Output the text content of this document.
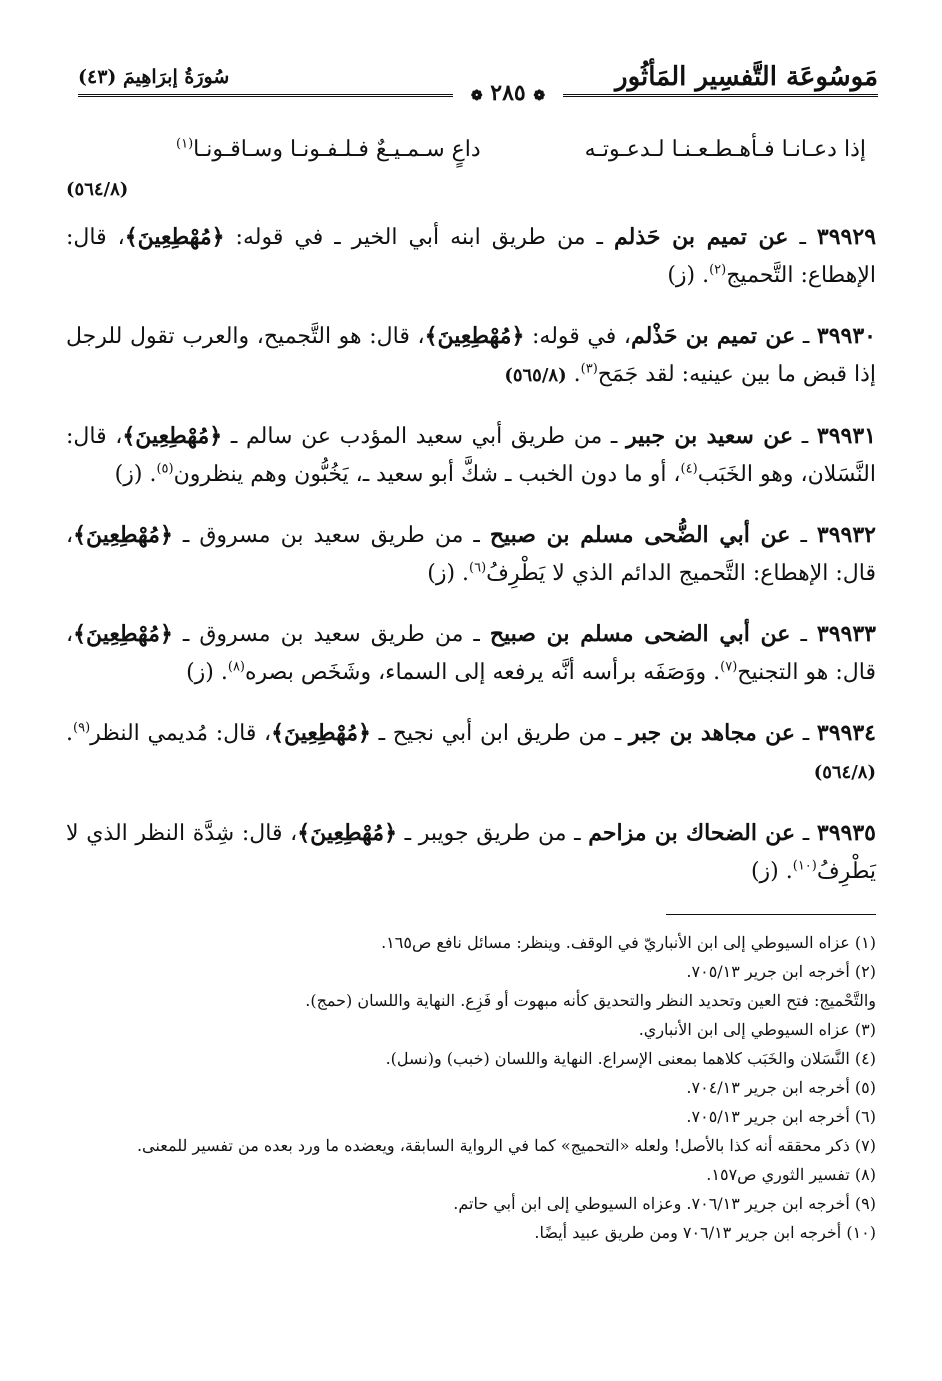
مَوسُوعَة التَّفسِير المَأثُور
❁ ٢٨٥ ❁
سُورَةُ إبرَاهِيمَ (٤٣)
إذا دعـانـا فـأهـطـعـنـا لـدعـوتـه
داعٍ سـمـيـعٌ فـلـفـونـا وسـاقـونـا$^{(١)}$
(٥٦٤/٨)

٣٩٩٢٩ ـ عن تميم بن حَذلم ـ من طريق ابنه أبي الخير ـ في قوله: ﴿مُهْطِعِينَ﴾، قال: الإهطاع: التَّحميج$^{(٢)}$. (ز)

٣٩٩٣٠ ـ عن تميم بن حَذْلم، في قوله: ﴿مُهْطِعِينَ﴾، قال: هو التَّجميح، والعرب تقول للرجل إذا قبض ما بين عينيه: لقد جَمَح$^{(٣)}$. (٥٦٥/٨)

٣٩٩٣١ ـ عن سعيد بن جبير ـ من طريق أبي سعيد المؤدب عن سالم ـ ﴿مُهْطِعِينَ﴾، قال: النَّسَلان، وهو الخَبَب$^{(٤)}$، أو ما دون الخبب ـ شكَّ أبو سعيد ـ، يَخُبُّون وهم ينظرون$^{(٥)}$. (ز)

٣٩٩٣٢ ـ عن أبي الضُّحى مسلم بن صبيح ـ من طريق سعيد بن مسروق ـ ﴿مُهْطِعِينَ﴾، قال: الإهطاع: التَّحميج الدائم الذي لا يَطْرِفُ$^{(٦)}$. (ز)

٣٩٩٣٣ ـ عن أبي الضحى مسلم بن صبيح ـ من طريق سعيد بن مسروق ـ ﴿مُهْطِعِينَ﴾، قال: هو التجنيح$^{(٧)}$. ووَصَفَه برأسه أنَّه يرفعه إلى السماء، وشَخَص بصره$^{(٨)}$. (ز)

٣٩٩٣٤ ـ عن مجاهد بن جبر ـ من طريق ابن أبي نجيح ـ ﴿مُهْطِعِينَ﴾، قال: مُديمي النظر$^{(٩)}$. (٥٦٤/٨)

٣٩٩٣٥ ـ عن الضحاك بن مزاحم ـ من طريق جويبر ـ ﴿مُهْطِعِينَ﴾، قال: شِدَّة النظر الذي لا يَطْرِفُ$^{(١٠)}$. (ز)

(١) عزاه السيوطي إلى ابن الأنباريّ في الوقف. وينظر: مسائل نافع ص١٦٥.

(٢) أخرجه ابن جرير ٧٠٥/١٣.

والتَّحْميج: فتح العين وتحديد النظر والتحديق كأنه مبهوت أو فَزِع. النهاية واللسان (حمج).

(٣) عزاه السيوطي إلى ابن الأنباري.

(٤) النَّسَلان والخَبَب كلاهما بمعنى الإسراع. النهاية واللسان (خبب) و(نسل).

(٥) أخرجه ابن جرير ٧٠٤/١٣.

(٦) أخرجه ابن جرير ٧٠٥/١٣.

(٧) ذكر محققه أنه كذا بالأصل! ولعله «التحميج» كما في الرواية السابقة، ويعضده ما ورد بعده من تفسير للمعنى.

(٨) تفسير الثوري ص١٥٧.

(٩) أخرجه ابن جرير ٧٠٦/١٣. وعزاه السيوطي إلى ابن أبي حاتم.

(١٠) أخرجه ابن جرير ٧٠٦/١٣ ومن طريق عبيد أيضًا.
